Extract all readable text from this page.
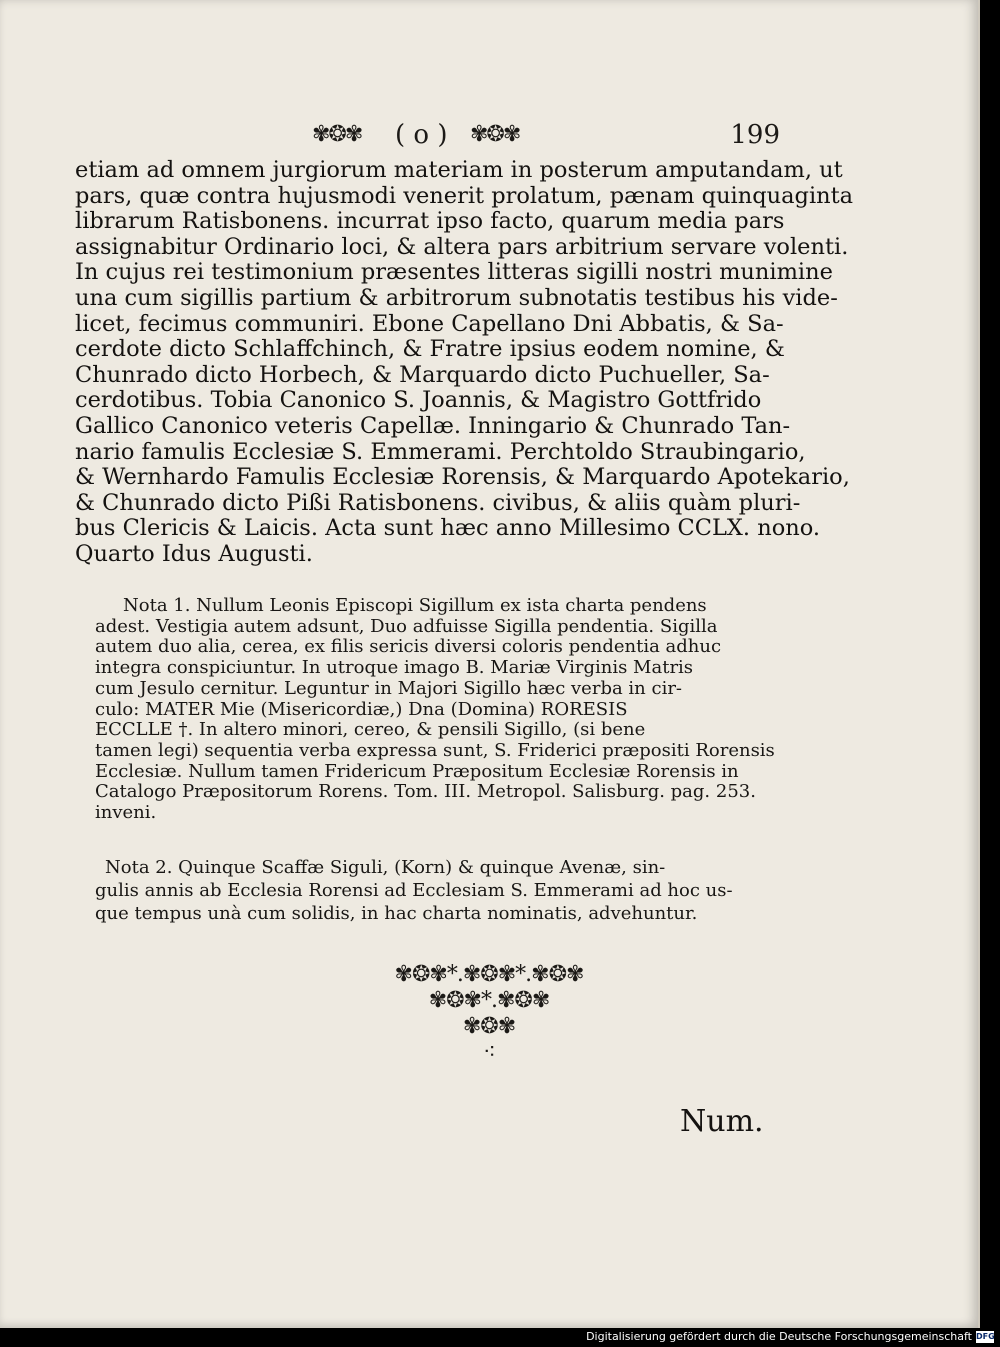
✾❂✾ ( o ) ✾❂✾	199
etiam ad omnem jurgiorum materiam in posterum amputandam, ut
pars, quæ contra hujusmodi venerit prolatum, pænam quinquaginta
librarum Ratisbonens. incurrat ipso facto, quarum media pars
assignabitur Ordinario loci, & altera pars arbitrium servare volenti.
In cujus rei testimonium præsentes litteras sigilli nostri munimine
una cum sigillis partium & arbitrorum subnotatis testibus his vide-
licet, fecimus communiri. Ebone Capellano Dni Abbatis, & Sa-
cerdote dicto Schlaffchinch, & Fratre ipsius eodem nomine, &
Chunrado dicto Horbech, & Marquardo dicto Puchueller, Sa-
cerdotibus. Tobia Canonico S. Joannis, & Magistro Gottfrido
Gallico Canonico veteris Capellæ. Inningario & Chunrado Tan-
nario famulis Ecclesiæ S. Emmerami. Perchtoldo Straubingario,
& Wernhardo Famulis Ecclesiæ Rorensis, & Marquardo Apotekario,
& Chunrado dicto Pißi Ratisbonens. civibus, & aliis quàm pluri-
bus Clericis & Laicis. Acta sunt hæc anno Millesimo CCLX. nono.
Quarto Idus Augusti.
Nota 1. Nullum Leonis Episcopi Sigillum ex ista charta pendens
adest. Vestigia autem adsunt, Duo adfuisse Sigilla pendentia. Sigilla
autem duo alia, cerea, ex filis sericis diversi coloris pendentia adhuc
integra conspiciuntur. In utroque imago B. Mariæ Virginis Matris
cum Jesulo cernitur. Leguntur in Majori Sigillo hæc verba in cir-
culo: MATER Mie (Misericordiæ,) Dna (Domina) RORESIS
ECCLLE †. In altero minori, cereo, & pensili Sigillo, (si bene
tamen legi) sequentia verba expressa sunt, S. Friderici præpositi Rorensis
Ecclesiæ. Nullum tamen Fridericum Præpositum Ecclesiæ Rorensis in
Catalogo Præpositorum Rorens. Tom. III. Metropol. Salisburg. pag. 253.
inveni.
Nota 2. Quinque Scaffæ Siguli, (Korn) & quinque Avenæ, sin-
gulis annis ab Ecclesia Rorensi ad Ecclesiam S. Emmerami ad hoc us-
que tempus unà cum solidis, in hac charta nominatis, advehuntur.
✾❂✾*.✾❂✾*.✾❂✾
✾❂✾*.✾❂✾
✾❂✾
⁖
Num.
Digitalisierung gefördert durch die Deutsche Forschungsgemeinschaft DFG
